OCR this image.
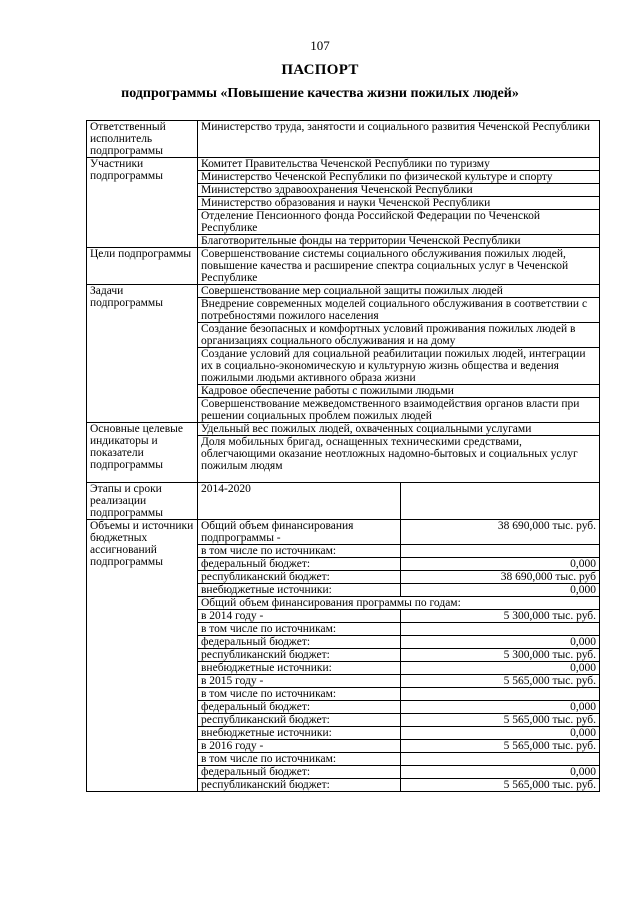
107
ПАСПОРТ
подпрограммы «Повышение качества жизни пожилых людей»
Ответственный исполнитель подпрограммы	Министерство труда, занятости и социального развития Чеченской Республики	
Участники подпрограммы	Комитет Правительства Чеченской Республики по туризму	
	Министерство Чеченской Республики по физической культуре и спорту	
	Министерство здравоохранения Чеченской Республики	
	Министерство образования и науки Чеченской Республики	
	Отделение Пенсионного фонда Российской Федерации по Чеченской Республике	
	Благотворительные фонды на территории Чеченской Республики	
Цели подпрограммы	Совершенствование системы социального обслуживания пожилых людей, повышение качества и расширение спектра социальных услуг в Чеченской Республике	
Задачи подпрограммы	Совершенствование мер социальной защиты пожилых людей	
	Внедрение современных моделей социального обслуживания в соответствии с потребностями пожилого населения	
	Создание безопасных и комфортных условий проживания пожилых людей в организациях социального обслуживания и на дому	
	Создание условий для социальной реабилитации пожилых людей, интеграции их в социально-экономическую и культурную жизнь общества и ведения пожилыми людьми активного образа жизни	
	Кадровое обеспечение работы с пожилыми людьми	
	Совершенствование межведомственного взаимодействия органов власти при решении социальных проблем пожилых людей	
Основные целевые индикаторы и показатели подпрограммы	Удельный вес пожилых людей, охваченных социальными услугами	
	Доля мобильных бригад, оснащенных техническими средствами, облегчающими оказание неотложных надомно-бытовых и социальных услуг пожилым людям	
Этапы и сроки реализации подпрограммы	2014-2020	
Объемы и источники бюджетных ассигнований подпрограммы	Общий объем финансирования подпрограммы -	38 690,000 тыс. руб.
	в том числе по источникам:	
	федеральный бюджет:	0,000
	республиканский бюджет:	38 690,000 тыс. руб
	внебюджетные источники:	0,000
	Общий объем финансирования программы по годам:	
	в 2014 году -	5 300,000 тыс. руб.
	в том числе по источникам:	
	федеральный бюджет:	0,000
	республиканский бюджет:	5 300,000 тыс. руб.
	внебюджетные источники:	0,000
	в 2015 году -	5 565,000 тыс. руб.
	в том числе по источникам:	
	федеральный бюджет:	0,000
	республиканский бюджет:	5 565,000 тыс. руб.
	внебюджетные источники:	0,000
	в 2016 году -	5 565,000 тыс. руб.
	в том числе по источникам:	
	федеральный бюджет:	0,000
	республиканский бюджет:	5 565,000 тыс. руб.
